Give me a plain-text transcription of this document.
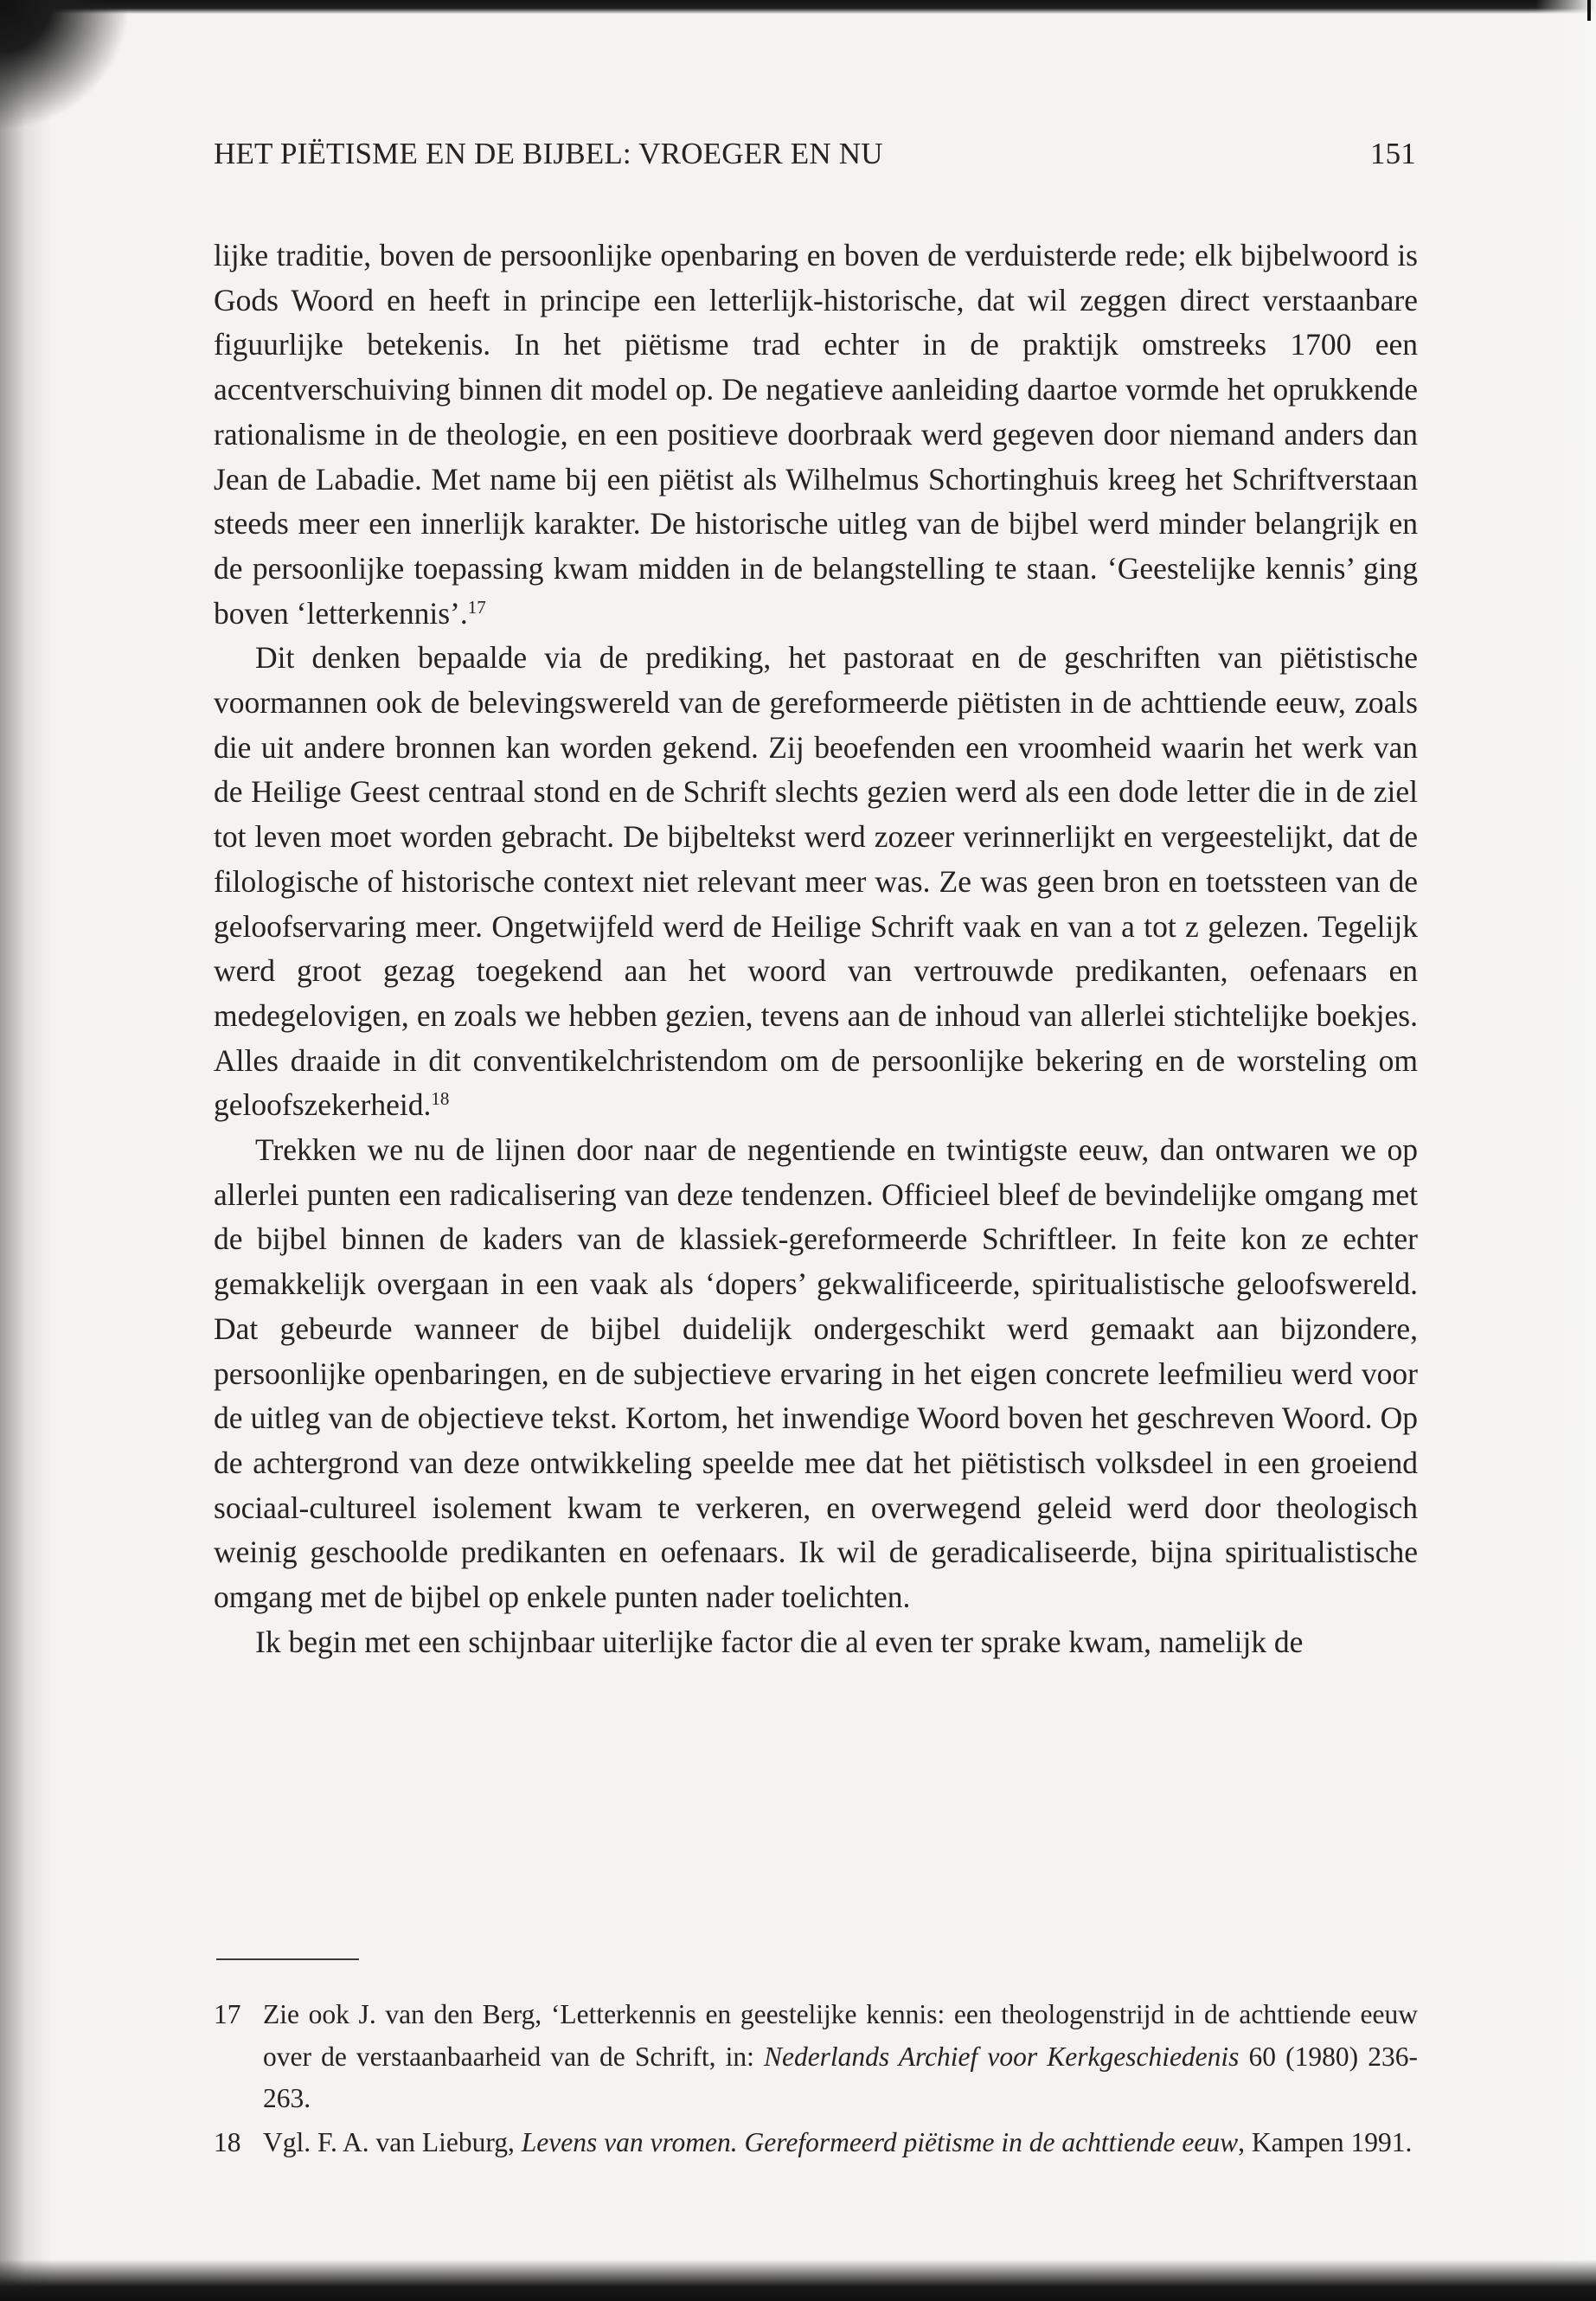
HET PIËTISME EN DE BIJBEL: VROEGER EN NU	151

lijke traditie, boven de persoonlijke openbaring en boven de verduisterde rede; elk bijbelwoord is Gods Woord en heeft in principe een letterlijk-historische, dat wil zeggen direct verstaanbare figuurlijke betekenis. In het piëtisme trad echter in de praktijk omstreeks 1700 een accentverschuiving binnen dit model op. De negatieve aanleiding daartoe vormde het oprukkende rationalisme in de theologie, en een positieve doorbraak werd gegeven door niemand anders dan Jean de Labadie. Met name bij een piëtist als Wilhelmus Schortinghuis kreeg het Schriftverstaan steeds meer een innerlijk karakter. De historische uitleg van de bijbel werd minder belangrijk en de persoonlijke toepassing kwam midden in de belangstelling te staan. ‘Geestelijke kennis’ ging boven ‘letterkennis’.$^{17}$

Dit denken bepaalde via de prediking, het pastoraat en de geschriften van piëtistische voormannen ook de belevingswereld van de gereformeerde piëtisten in de achttiende eeuw, zoals die uit andere bronnen kan worden gekend. Zij beoefenden een vroomheid waarin het werk van de Heilige Geest centraal stond en de Schrift slechts gezien werd als een dode letter die in de ziel tot leven moet worden gebracht. De bijbeltekst werd zozeer verinnerlijkt en vergeestelijkt, dat de filologische of historische context niet relevant meer was. Ze was geen bron en toetssteen van de geloofservaring meer. Ongetwijfeld werd de Heilige Schrift vaak en van a tot z gelezen. Tegelijk werd groot gezag toegekend aan het woord van vertrouwde predikanten, oefenaars en medegelovigen, en zoals we hebben gezien, tevens aan de inhoud van allerlei stichtelijke boekjes. Alles draaide in dit conventikelchristendom om de persoonlijke bekering en de worsteling om geloofszekerheid.$^{18}$

Trekken we nu de lijnen door naar de negentiende en twintigste eeuw, dan ontwaren we op allerlei punten een radicalisering van deze tendenzen. Officieel bleef de bevindelijke omgang met de bijbel binnen de kaders van de klassiek-gereformeerde Schriftleer. In feite kon ze echter gemakkelijk overgaan in een vaak als ‘dopers’ gekwalificeerde, spiritualistische geloofswereld. Dat gebeurde wanneer de bijbel duidelijk ondergeschikt werd gemaakt aan bijzondere, persoonlijke openbaringen, en de subjectieve ervaring in het eigen concrete leefmilieu werd voor de uitleg van de objectieve tekst. Kortom, het inwendige Woord boven het geschreven Woord. Op de achtergrond van deze ontwikkeling speelde mee dat het piëtistisch volksdeel in een groeiend sociaal-cultureel isolement kwam te verkeren, en overwegend geleid werd door theologisch weinig geschoolde predikanten en oefenaars. Ik wil de geradicaliseerde, bijna spiritualistische omgang met de bijbel op enkele punten nader toelichten.

Ik begin met een schijnbaar uiterlijke factor die al even ter sprake kwam, namelijk de

17 Zie ook J. van den Berg, ‘Letterkennis en geestelijke kennis: een theologenstrijd in de achttiende eeuw over de verstaanbaarheid van de Schrift, in: Nederlands Archief voor Kerkgeschiedenis 60 (1980) 236-263.
18 Vgl. F. A. van Lieburg, Levens van vromen. Gereformeerd piëtisme in de achttiende eeuw, Kampen 1991.
